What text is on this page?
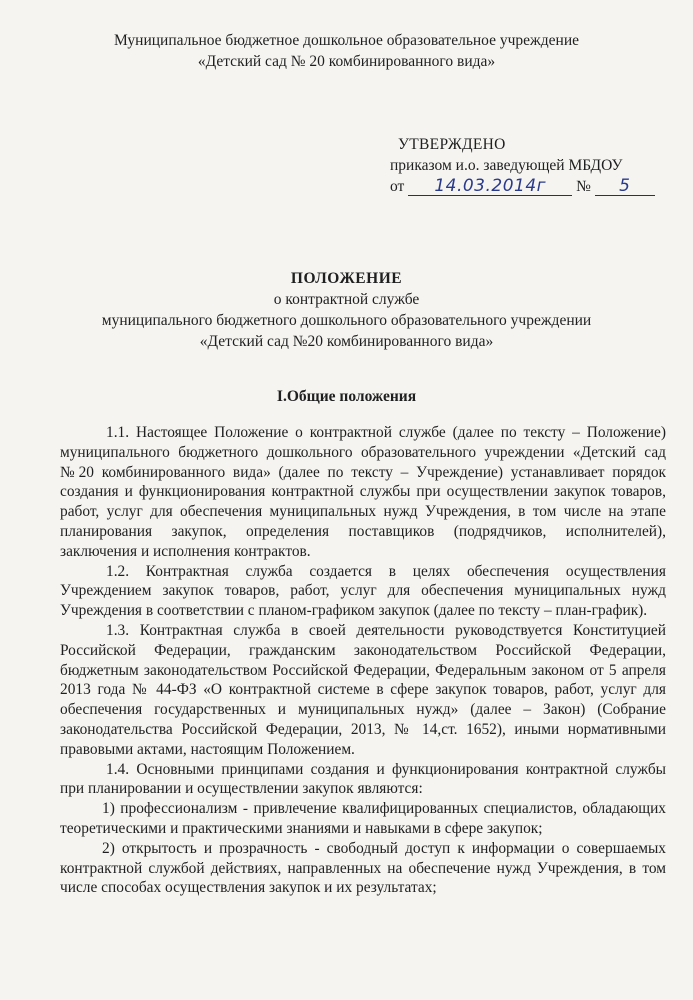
Муниципальное бюджетное дошкольное образовательное учреждение
«Детский сад № 20 комбинированного вида»
УТВЕРЖДЕНО
приказом и.о. заведующей МБДОУ
от 14.03.2014г № 5
ПОЛОЖЕНИЕ
о контрактной службе
муниципального бюджетного дошкольного образовательного учреждении
«Детский сад №20 комбинированного вида»
I.Общие положения

1.1. Настоящее Положение о контрактной службе (далее по тексту – Положение) муниципального бюджетного дошкольного образовательного учреждении «Детский сад №20 комбинированного вида» (далее по тексту – Учреждение) устанавливает порядок создания и функционирования контрактной службы при осуществлении закупок товаров, работ, услуг для обеспечения муниципальных нужд Учреждения, в том числе на этапе планирования закупок, определения поставщиков (подрядчиков, исполнителей), заключения и исполнения контрактов.

1.2. Контрактная служба создается в целях обеспечения осуществления Учреждением закупок товаров, работ, услуг для обеспечения муниципальных нужд Учреждения в соответствии с планом-графиком закупок (далее по тексту – план-график).

1.3. Контрактная служба в своей деятельности руководствуется Конституцией Российской Федерации, гражданским законодательством Российской Федерации, бюджетным законодательством Российской Федерации, Федеральным законом от 5 апреля 2013 года № 44-ФЗ «О контрактной системе в сфере закупок товаров, работ, услуг для обеспечения государственных и муниципальных нужд» (далее – Закон) (Собрание законодательства Российской Федерации, 2013, № 14,ст. 1652), иными нормативными правовыми актами, настоящим Положением.

1.4. Основными принципами создания и функционирования контрактной службы при планировании и осуществлении закупок являются:

1) профессионализм - привлечение квалифицированных специалистов, обладающих теоретическими и практическими знаниями и навыками в сфере закупок;

2) открытость и прозрачность - свободный доступ к информации о совершаемых контрактной службой действиях, направленных на обеспечение нужд Учреждения, в том числе способах осуществления закупок и их результатах;
